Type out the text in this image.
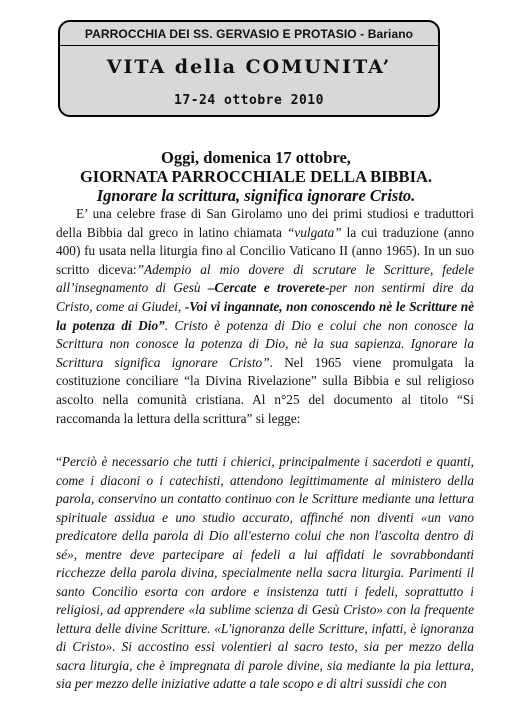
PARROCCHIA DEI SS. GERVASIO E PROTASIO - Bariano
VITA della COMUNITA’
17-24 ottobre 2010
Oggi, domenica 17 ottobre,
GIORNATA PARROCCHIALE DELLA BIBBIA.
Ignorare la scrittura, significa ignorare Cristo.
E’ una celebre frase di San Girolamo uno dei primi studiosi e traduttori della Bibbia dal greco in latino chiamata “vulgata” la cui traduzione (anno 400) fu usata nella liturgia fino al Concilio Vaticano II (anno 1965). In un suo scritto diceva:”Adempio al mio dovere di scrutare le Scritture, fedele all’insegnamento di Gesù –Cercate e troverete-per non sentirmi dire da Cristo, come ai Giudei, -Voi vi ingannate, non conoscendo nè le Scritture nè la potenza di Dio”. Cristo è potenza di Dio e colui che non conosce la Scrittura non conosce la potenza di Dio, nè la sua sapienza. Ignorare la Scrittura significa ignorare Cristo”. Nel 1965 viene promulgata la costituzione conciliare “la Divina Rivelazione” sulla Bibbia e sul religioso ascolto nella comunità cristiana. Al n°25 del documento al titolo “Si raccomanda la lettura della scrittura” si legge:
“Perciò è necessario che tutti i chierici, principalmente i sacerdoti e quanti, come i diaconi o i catechisti, attendono legittimamente al ministero della parola, conservino un contatto continuo con le Scritture mediante una lettura spirituale assidua e uno studio accurato, affinché non diventi «un vano predicatore della parola di Dio all'esterno colui che non l'ascolta dentro di sé», mentre deve partecipare ai fedeli a lui affidati le sovrabbondanti ricchezze della parola divina, specialmente nella sacra liturgia. Parimenti il santo Concilio esorta con ardore e insistenza tutti i fedeli, soprattutto i religiosi, ad apprendere «la sublime scienza di Gesù Cristo» con la frequente lettura delle divine Scritture. «L'ignoranza delle Scritture, infatti, è ignoranza di Cristo». Si accostino essi volentieri al sacro testo, sia per mezzo della sacra liturgia, che è impregnata di parole divine, sia mediante la pia lettura, sia per mezzo delle iniziative adatte a tale scopo e di altri sussidi che con
